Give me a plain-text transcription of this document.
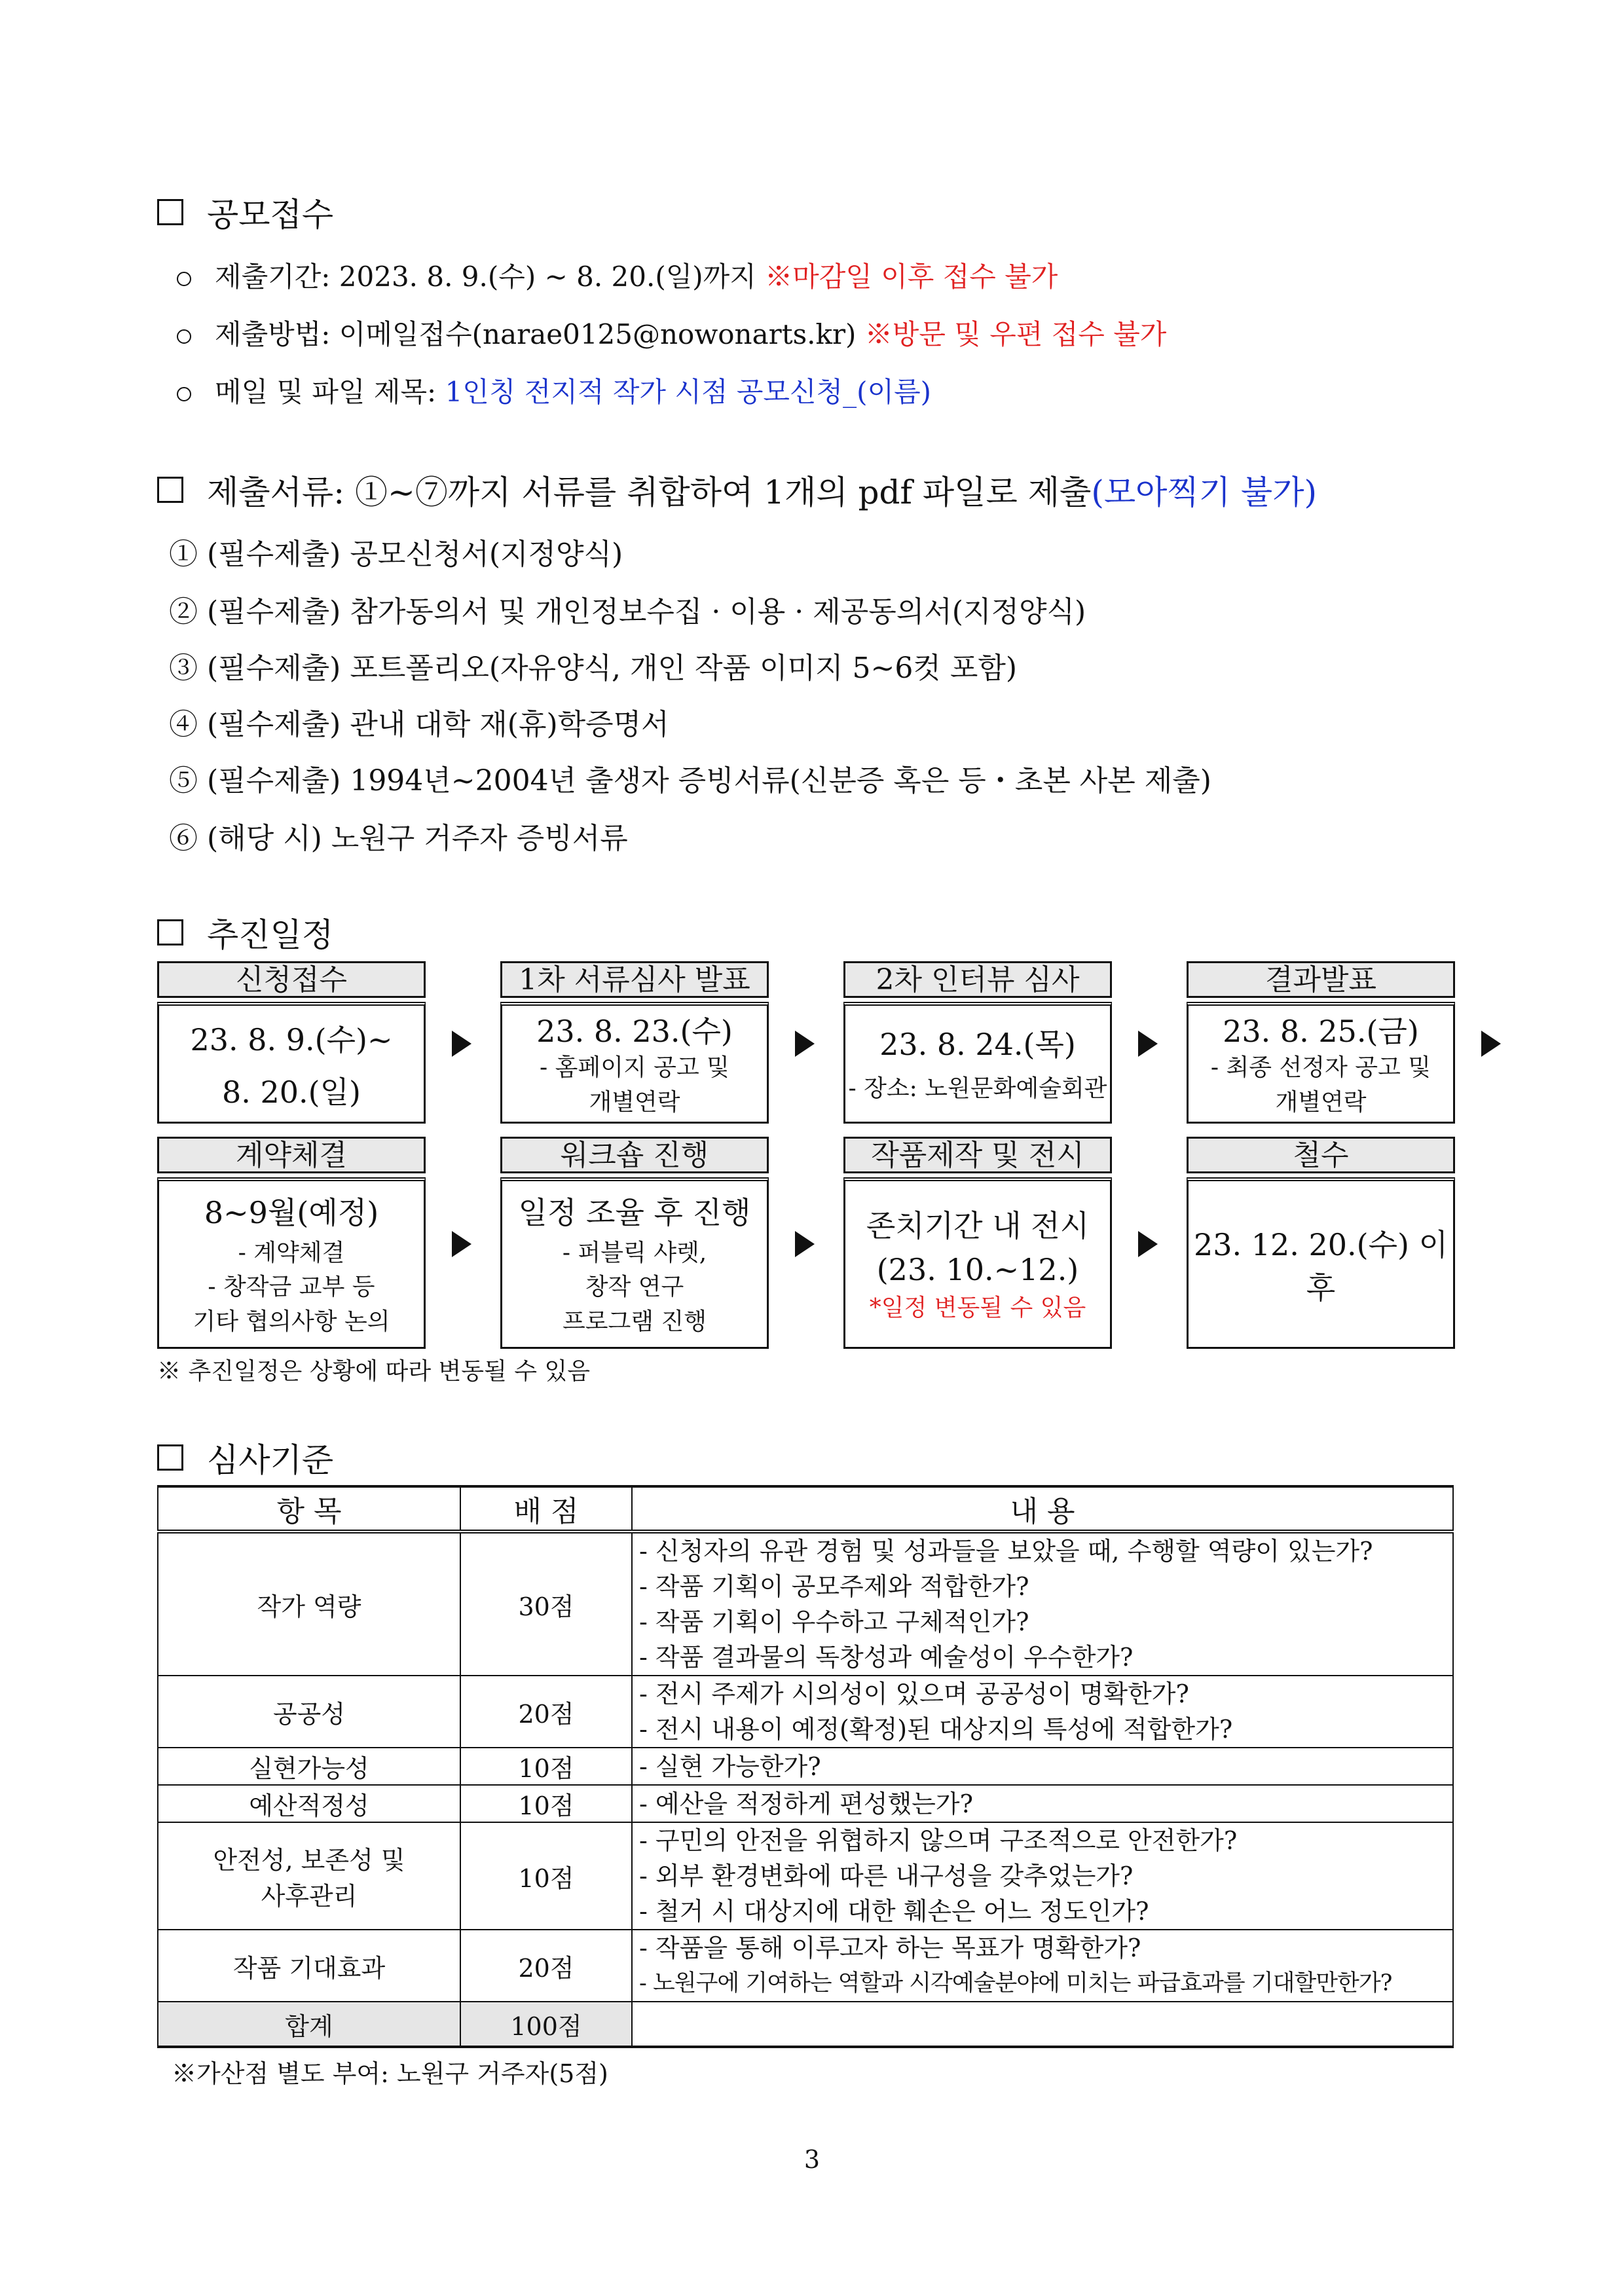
공모접수
제출기간: 2023. 8. 9.(수) ~ 8. 20.(일)까지 ※마감일 이후 접수 불가
제출방법: 이메일접수(narae0125@nowonarts.kr) ※방문 및 우편 접수 불가
메일 및 파일 제목: 1인칭 전지적 작가 시점 공모신청_(이름)
제출서류: ①~⑦까지 서류를 취합하여 1개의 pdf 파일로 제출 (모아찍기 불가)
① (필수제출) 공모신청서(지정양식)
② (필수제출) 참가동의서 및 개인정보수집 · 이용 · 제공동의서(지정양식)
③ (필수제출) 포트폴리오(자유양식, 개인 작품 이미지 5~6컷 포함)
④ (필수제출) 관내 대학 재(휴)학증명서
⑤ (필수제출) 1994년~2004년 출생자 증빙서류(신분증 혹은 등・초본 사본 제출)
⑥ (해당 시) 노원구 거주자 증빙서류
추진일정
신청접수
23. 8. 9.(수)~
8. 20.(일)
1차 서류심사 발표
23. 8. 23.(수)
- 홈페이지 공고 및
개별연락
2차 인터뷰 심사
23. 8. 24.(목)
- 장소: 노원문화예술회관
결과발표
23. 8. 25.(금)
- 최종 선정자 공고 및
개별연락
계약체결
8~9월(예정)
- 계약체결
- 창작금 교부 등
기타 협의사항 논의
워크숍 진행
일정 조율 후 진행
- 퍼블릭 샤렛,
창작 연구
프로그램 진행
작품제작 및 전시
존치기간 내 전시
(23. 10.~12.)
*일정 변동될 수 있음
철수
23. 12. 20.(수) 이후
※ 추진일정은 상황에 따라 변동될 수 있음
심사기준
항 목	배 점	내 용
작가 역량	30점	- 신청자의 유관 경험 및 성과들을 보았을 때, 수행할 역량이 있는가?
- 작품 기획이 공모주제와 적합한가?
- 작품 기획이 우수하고 구체적인가?
- 작품 결과물의 독창성과 예술성이 우수한가?

공공성	20점	- 전시 주제가 시의성이 있으며 공공성이 명확한가?
- 전시 내용이 예정(확정)된 대상지의 특성에 적합한가?

실현가능성	10점	- 실현 가능한가?

예산적정성	10점	- 예산을 적정하게 편성했는가?

안전성, 보존성 및
사후관리	10점	- 구민의 안전을 위협하지 않으며 구조적으로 안전한가?
- 외부 환경변화에 따른 내구성을 갖추었는가?
- 철거 시 대상지에 대한 훼손은 어느 정도인가?

작품 기대효과	20점	- 작품을 통해 이루고자 하는 목표가 명확한가?
- 노원구에 기여하는 역할과 시각예술분야에 미치는 파급효과를 기대할만한가?

합계	100점	
※가산점 별도 부여: 노원구 거주자(5점)
3
